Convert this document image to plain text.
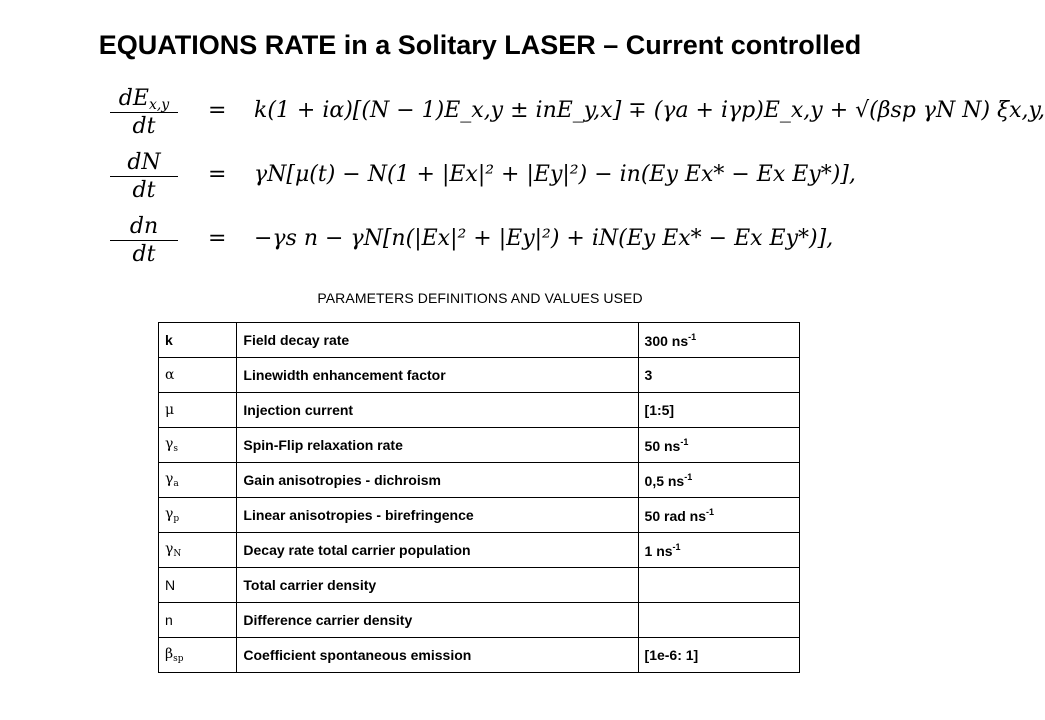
EQUATIONS RATE in a Solitary LASER – Current controlled
$dE_{x,y}$
dt
= k(1 + iα)[(N − 1)E_x,y ± inE_y,x] ∓ (γa + iγp)E_x,y + √(βsp γN N) ξx,y,
dN
dt
= γN[μ(t) − N(1 + |Ex|² + |Ey|²) − in(Ey Ex* − Ex Ey*)],
dn
dt
= −γs n − γN[n(|Ex|² + |Ey|²) + iN(Ey Ex* − Ex Ey*)],
PARAMETERS DEFINITIONS AND VALUES USED
k	Field decay rate	300 $ns^{-1}$
α	Linewidth enhancement factor	3
μ	Injection current	[1:5]
$\gamma_s$	Spin-Flip relaxation rate	50 $ns^{-1}$
$\gamma_a$	Gain anisotropies - dichroism	0,5 $ns^{-1}$
$\gamma_p$	Linear anisotropies - birefringence	50 rad $ns^{-1}$
$\gamma_N$	Decay rate total carrier population	1 $ns^{-1}$
N	Total carrier density	
n	Difference carrier density	
$\beta_{sp}$	Coefficient spontaneous emission	[1e-6: 1]
